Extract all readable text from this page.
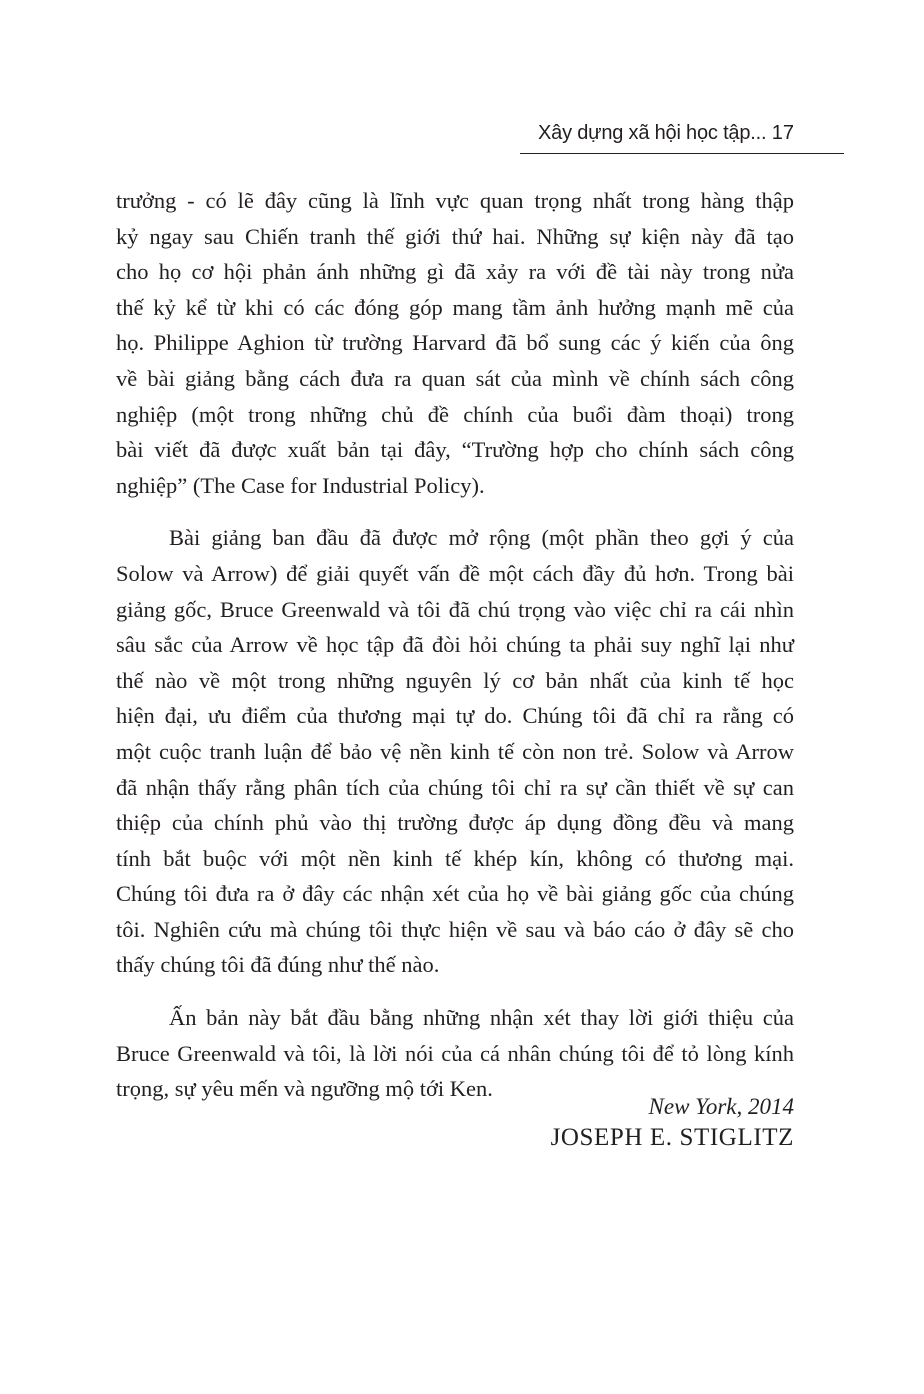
Xây dựng xã hội học tập... 17
trưởng - có lẽ đây cũng là lĩnh vực quan trọng nhất trong hàng thập
kỷ ngay sau Chiến tranh thế giới thứ hai. Những sự kiện này đã tạo
cho họ cơ hội phản ánh những gì đã xảy ra với đề tài này trong nửa
thế kỷ kể từ khi có các đóng góp mang tầm ảnh hưởng mạnh mẽ của
họ. Philippe Aghion từ trường Harvard đã bổ sung các ý kiến của ông
về bài giảng bằng cách đưa ra quan sát của mình về chính sách công
nghiệp (một trong những chủ đề chính của buổi đàm thoại) trong
bài viết đã được xuất bản tại đây, “Trường hợp cho chính sách công
nghiệp” (The Case for Industrial Policy).
Bài giảng ban đầu đã được mở rộng (một phần theo gợi ý của
Solow và Arrow) để giải quyết vấn đề một cách đầy đủ hơn. Trong bài
giảng gốc, Bruce Greenwald và tôi đã chú trọng vào việc chỉ ra cái nhìn
sâu sắc của Arrow về học tập đã đòi hỏi chúng ta phải suy nghĩ lại như
thế nào về một trong những nguyên lý cơ bản nhất của kinh tế học
hiện đại, ưu điểm của thương mại tự do. Chúng tôi đã chỉ ra rằng có
một cuộc tranh luận để bảo vệ nền kinh tế còn non trẻ. Solow và Arrow
đã nhận thấy rằng phân tích của chúng tôi chỉ ra sự cần thiết về sự can
thiệp của chính phủ vào thị trường được áp dụng đồng đều và mang
tính bắt buộc với một nền kinh tế khép kín, không có thương mại.
Chúng tôi đưa ra ở đây các nhận xét của họ về bài giảng gốc của chúng
tôi. Nghiên cứu mà chúng tôi thực hiện về sau và báo cáo ở đây sẽ cho
thấy chúng tôi đã đúng như thế nào.
Ấn bản này bắt đầu bằng những nhận xét thay lời giới thiệu của
Bruce Greenwald và tôi, là lời nói của cá nhân chúng tôi để tỏ lòng kính
trọng, sự yêu mến và ngưỡng mộ tới Ken.
New York, 2014
JOSEPH E. STIGLITZ
